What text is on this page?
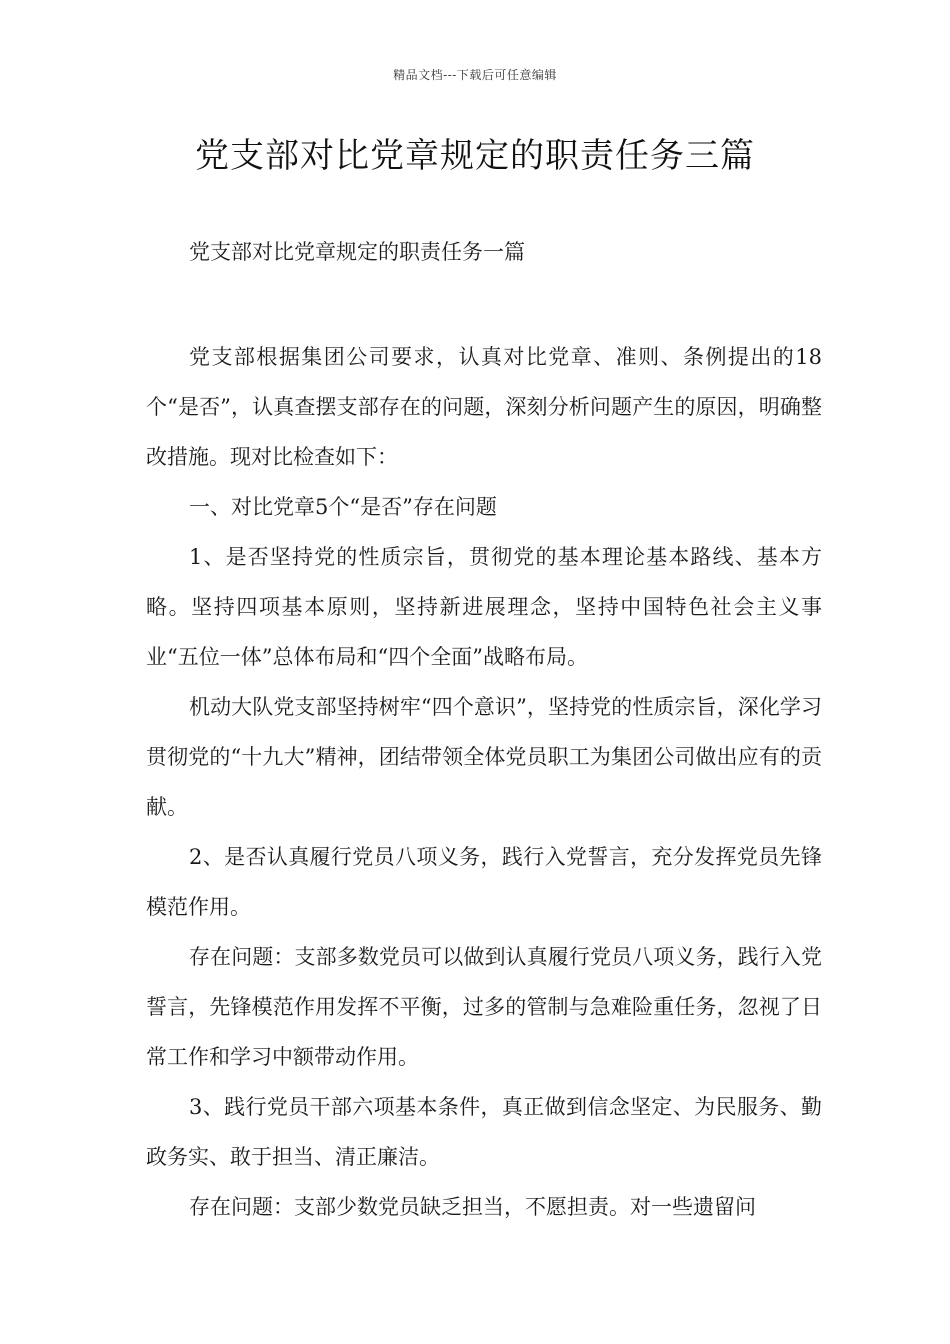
精品文档---下载后可任意编辑
党支部对比党章规定的职责任务三篇
党支部对比党章规定的职责任务一篇

党支部根据集团公司要求，认真对比党章、准则、条例提出的18个“是否”，认真查摆支部存在的问题，深刻分析问题产生的原因，明确整改措施。现对比检查如下：

一、对比党章5个“是否”存在问题

1、是否坚持党的性质宗旨，贯彻党的基本理论基本路线、基本方略。坚持四项基本原则，坚持新进展理念，坚持中国特色社会主义事业“五位一体”总体布局和“四个全面”战略布局。

机动大队党支部坚持树牢“四个意识”，坚持党的性质宗旨，深化学习贯彻党的“十九大”精神，团结带领全体党员职工为集团公司做出应有的贡献。

2、是否认真履行党员八项义务，践行入党誓言，充分发挥党员先锋模范作用。

存在问题：支部多数党员可以做到认真履行党员八项义务，践行入党誓言，先锋模范作用发挥不平衡，过多的管制与急难险重任务，忽视了日常工作和学习中额带动作用。

3、践行党员干部六项基本条件，真正做到信念坚定、为民服务、勤政务实、敢于担当、清正廉洁。

存在问题：支部少数党员缺乏担当，不愿担责。对一些遗留问
